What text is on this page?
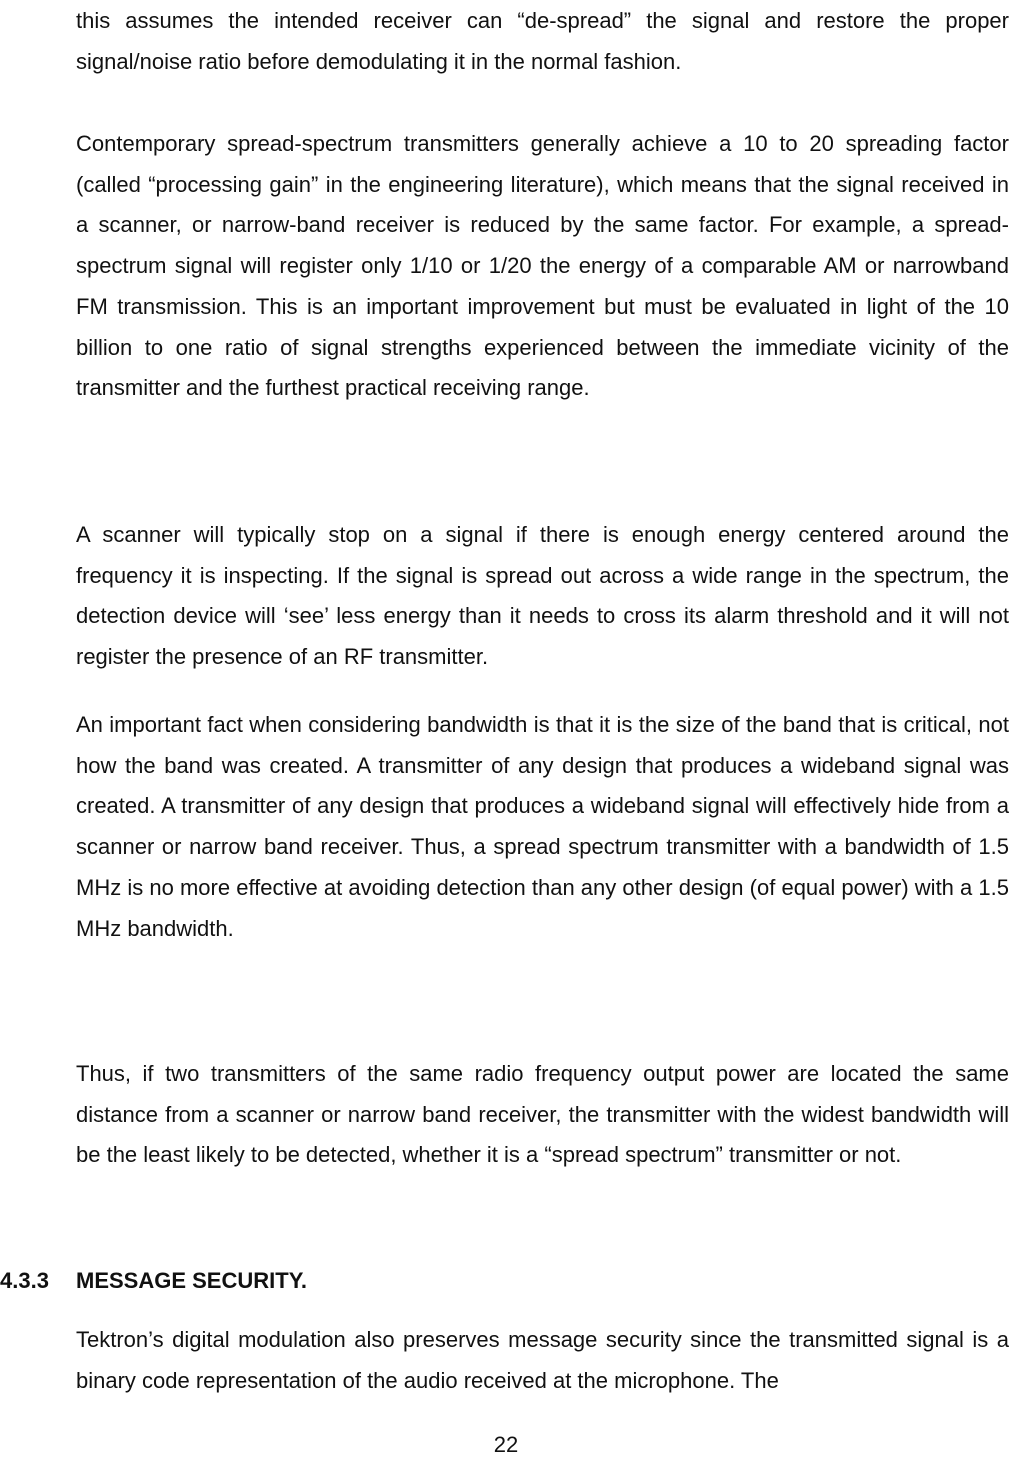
this assumes the intended receiver can “de-spread” the signal and restore the proper signal/noise ratio before demodulating it in the normal fashion.

Contemporary spread-spectrum transmitters generally achieve a 10 to 20 spreading factor (called “processing gain” in the engineering literature), which means that the signal received in a scanner, or narrow-band receiver is reduced by the same factor. For example, a spread-spectrum signal will register only 1/10 or 1/20 the energy of a comparable AM or narrowband FM transmission. This is an important improvement but must be evaluated in light of the 10 billion to one ratio of signal strengths experienced between the immediate vicinity of the transmitter and the furthest practical receiving range.

A scanner will typically stop on a signal if there is enough energy centered around the frequency it is inspecting. If the signal is spread out across a wide range in the spectrum, the detection device will ‘see’ less energy than it needs to cross its alarm threshold and it will not register the presence of an RF transmitter.

An important fact when considering bandwidth is that it is the size of the band that is critical, not how the band was created. A transmitter of any design that produces a wideband signal was created. A transmitter of any design that produces a wideband signal will effectively hide from a scanner or narrow band receiver. Thus, a spread spectrum transmitter with a bandwidth of 1.5 MHz is no more effective at avoiding detection than any other design (of equal power) with a 1.5 MHz bandwidth.

Thus, if two transmitters of the same radio frequency output power are located the same distance from a scanner or narrow band receiver, the transmitter with the widest bandwidth will be the least likely to be detected, whether it is a “spread spectrum” transmitter or not.

4.3.3 MESSAGE SECURITY.

Tektron’s digital modulation also preserves message security since the transmitted signal is a binary code representation of the audio received at the microphone. The

22
